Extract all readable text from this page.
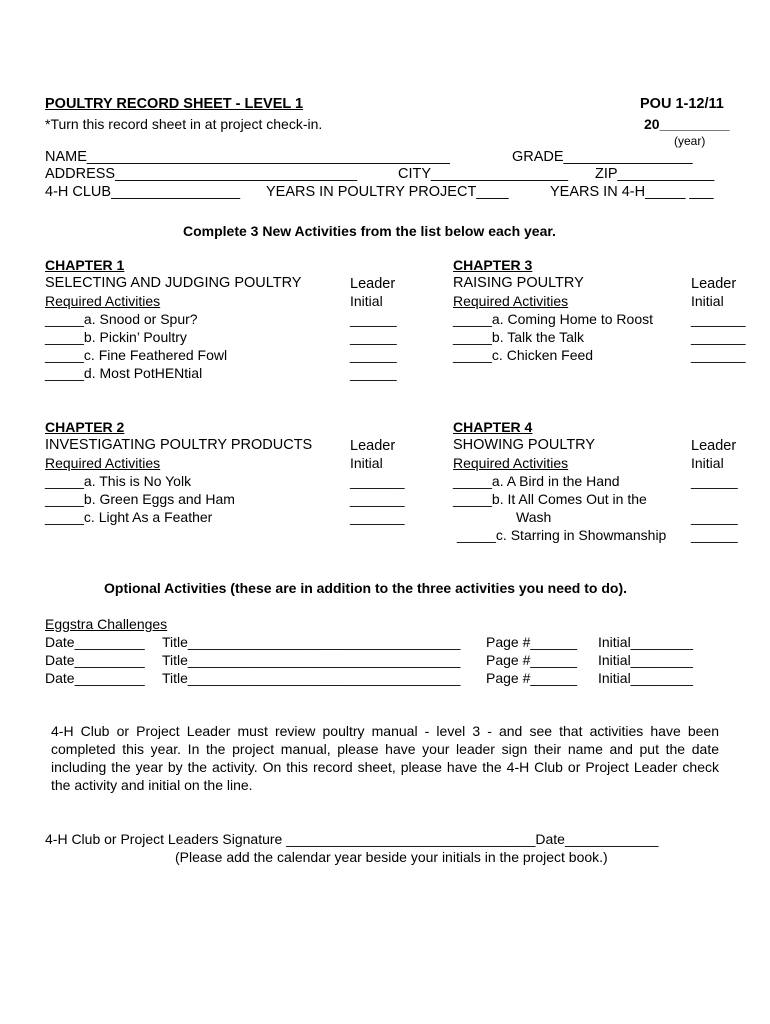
POULTRY RECORD SHEET - LEVEL 1	POU 1-12/11
*Turn this record sheet in at project check-in.	20_________
(year)
NAME_____________________________________________	GRADE________________
ADDRESS______________________________	CITY_________________ ZIP____________
4-H CLUB________________ YEARS IN POULTRY PROJECT____	YEARS IN 4-H_____ ___
Complete 3 New Activities from the list below each year.
CHAPTER 1
SELECTING AND JUDGING POULTRY	Leader
Required Activities	Initial
_____a. Snood or Spur?	______
_____b. Pickin’ Poultry	______
_____c. Fine Feathered Fowl	______
_____d. Most PotHENtial	______
CHAPTER 3
RAISING POULTRY	Leader
Required Activities	Initial
_____a. Coming Home to Roost	_______
_____b. Talk the Talk	_______
_____c. Chicken Feed	_______
CHAPTER 2
INVESTIGATING POULTRY PRODUCTS	Leader
Required Activities	Initial
_____a. This is No Yolk	_______
_____b. Green Eggs and Ham	_______
_____c. Light As a Feather	_______
CHAPTER 4
SHOWING POULTRY	Leader
Required Activities	Initial
_____a. A Bird in the Hand	______
_____b. It All Comes Out in the
Wash	______
_____c. Starring in Showmanship ______
Optional Activities (these are in addition to the three activities you need to do).
Eggstra Challenges
Date_________ Title___________________________________ Page #______ Initial________
Date_________ Title___________________________________ Page #______ Initial________
Date_________ Title___________________________________ Page #______ Initial________
4-H Club or Project Leader must review poultry manual - level 3 - and see that activities have been completed this year. In the project manual, please have your leader sign their name and put the date including the year by the activity. On this record sheet, please have the 4-H Club or Project Leader check the activity and initial on the line.
4-H Club or Project Leaders Signature ________________________________Date____________
(Please add the calendar year beside your initials in the project book.)
